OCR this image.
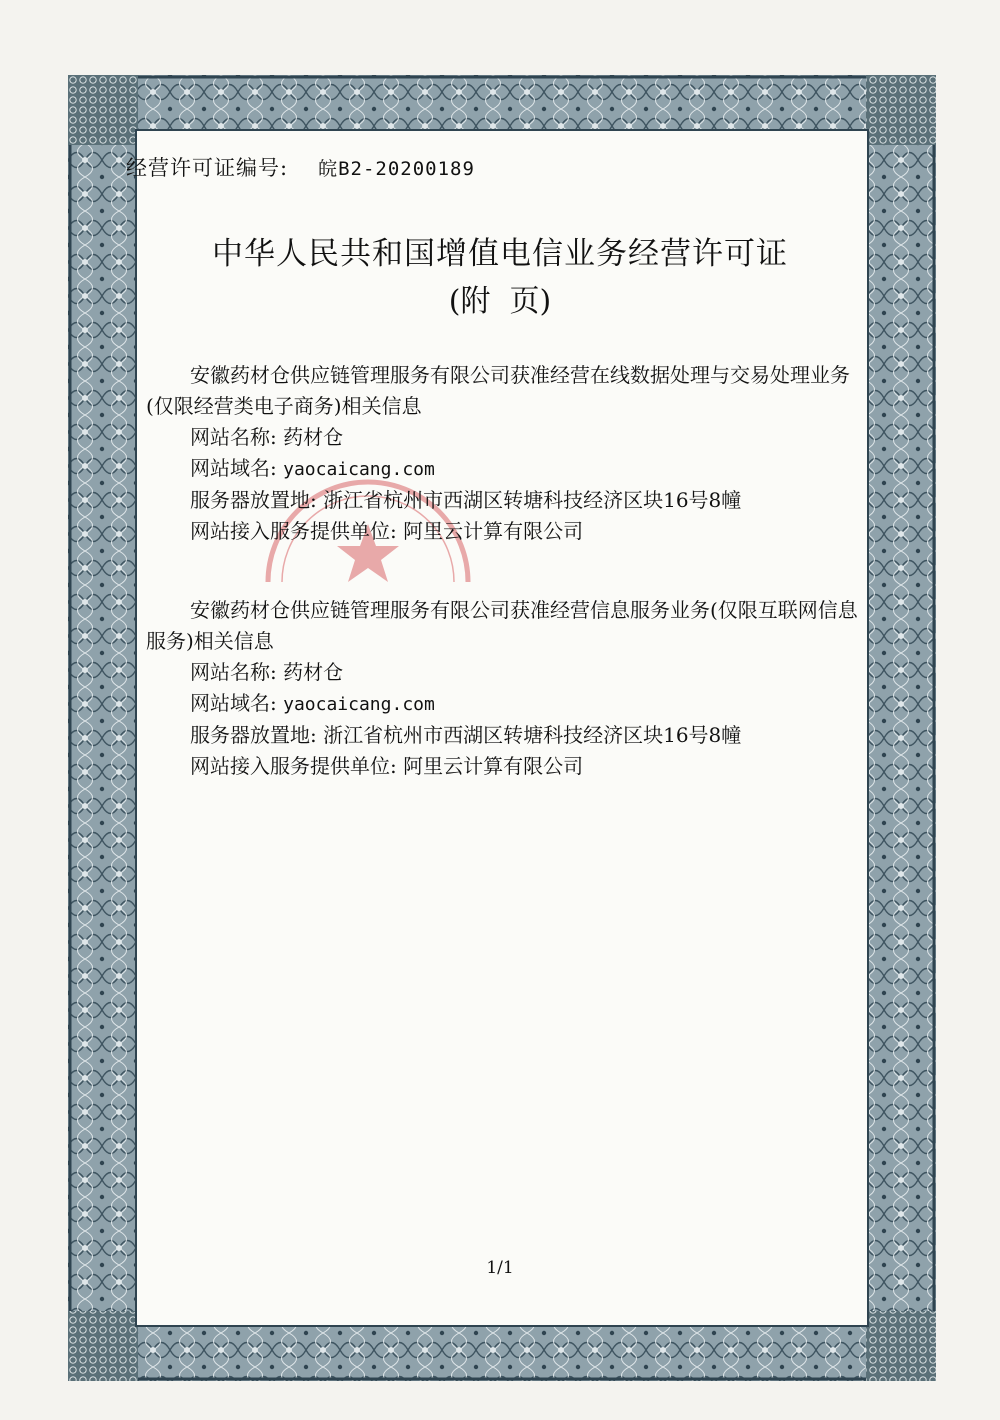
经营许可证编号: 皖B2-20200189
中华人民共和国增值电信业务经营许可证
(附  页)
安徽药材仓供应链管理服务有限公司获准经营在线数据处理与交易处理业务(仅限经营类电子商务)相关信息
网站名称: 药材仓
网站域名: yaocaicang.com
服务器放置地: 浙江省杭州市西湖区转塘科技经济区块16号8幢
网站接入服务提供单位: 阿里云计算有限公司
安徽药材仓供应链管理服务有限公司获准经营信息服务业务(仅限互联网信息服务)相关信息
网站名称: 药材仓
网站域名: yaocaicang.com
服务器放置地: 浙江省杭州市西湖区转塘科技经济区块16号8幢
网站接入服务提供单位: 阿里云计算有限公司
1/1
